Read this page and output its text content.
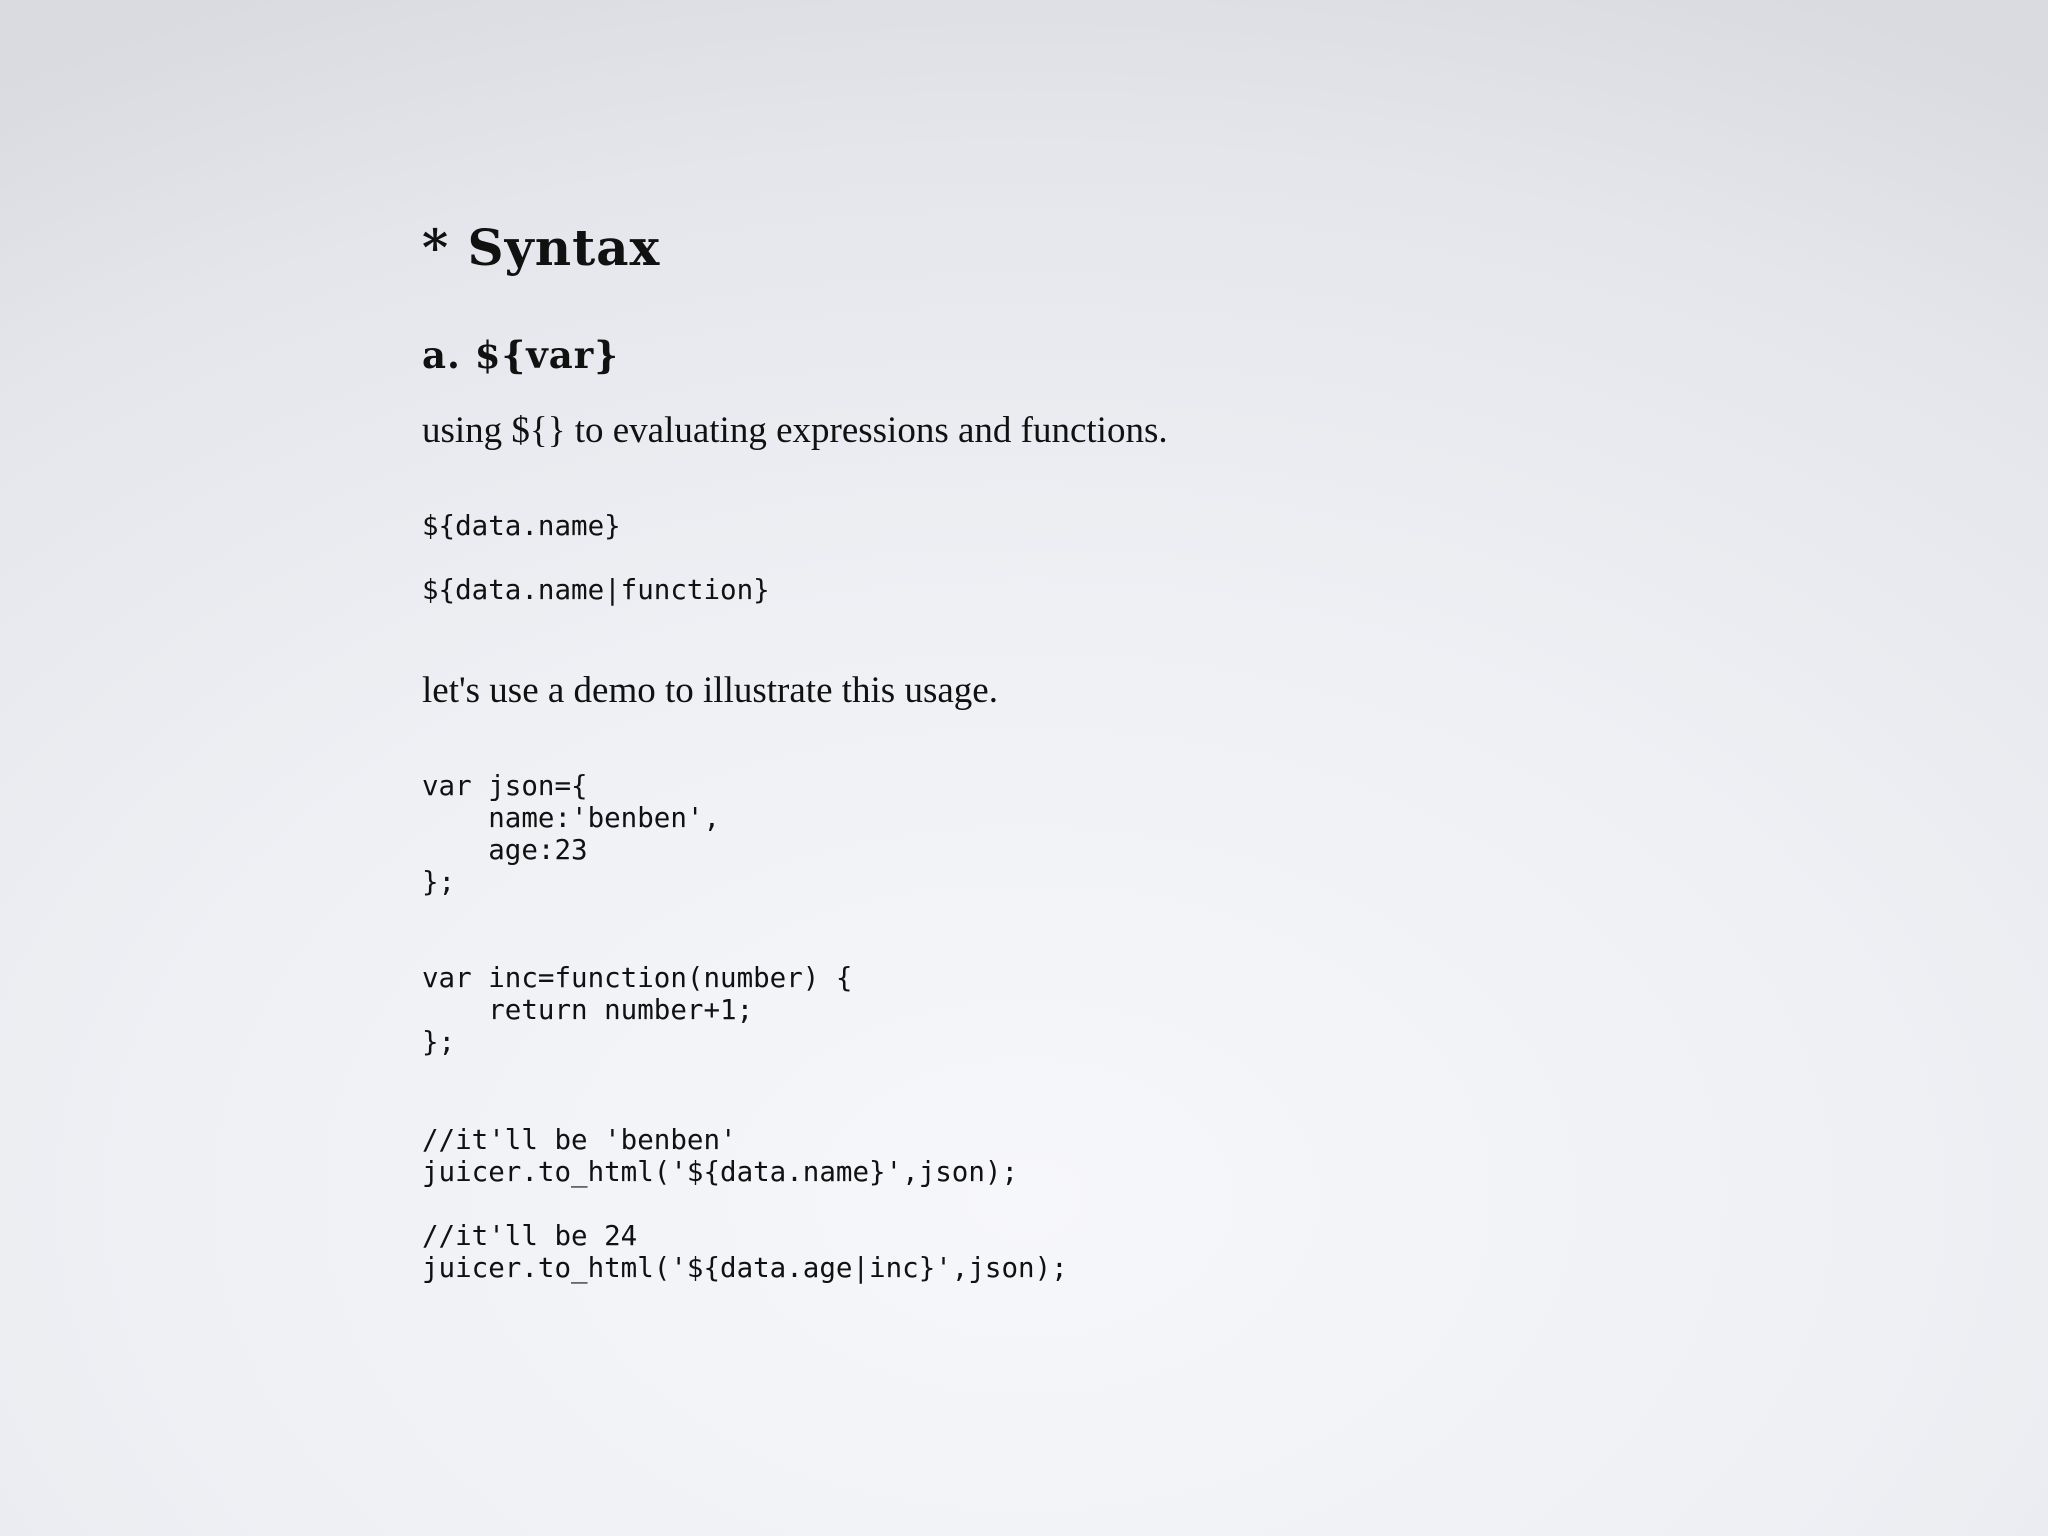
* Syntax
a. ${var}

using ${} to evaluating expressions and functions.

${data.name}
${data.name|function}

let's use a demo to illustrate this usage.

var json={
name:'benben',
age:23
};
var inc=function(number) {
return number+1;
};
//it'll be 'benben'
juicer.to_html('${data.name}',json);
//it'll be 24
juicer.to_html('${data.age|inc}',json);
